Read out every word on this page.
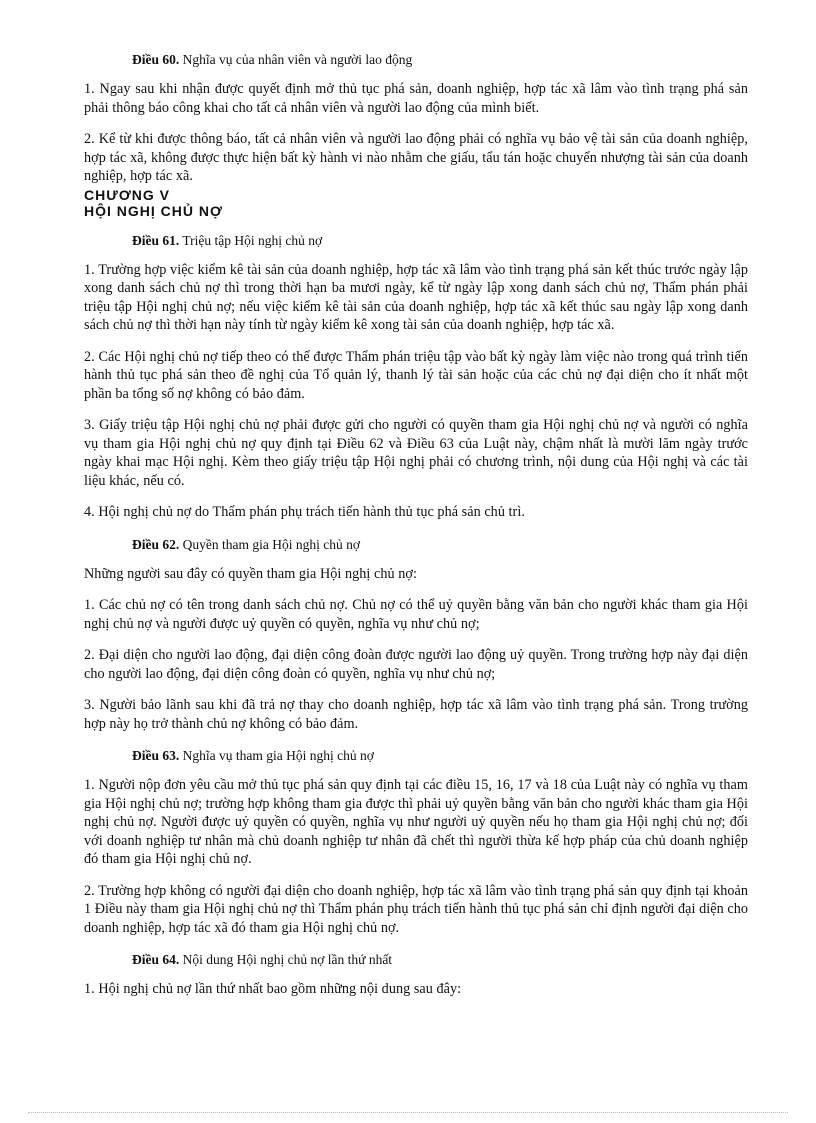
Điều 60. Nghĩa vụ của nhân viên và người lao động

1. Ngay sau khi nhận được quyết định mở thủ tục phá sản, doanh nghiệp, hợp tác xã lâm vào tình trạng phá sản phải thông báo công khai cho tất cả nhân viên và người lao động của mình biết.

2. Kể từ khi được thông báo, tất cả nhân viên và người lao động phải có nghĩa vụ bảo vệ tài sản của doanh nghiệp, hợp tác xã, không được thực hiện bất kỳ hành vi nào nhằm che giấu, tẩu tán hoặc chuyển nhượng tài sản của doanh nghiệp, hợp tác xã.

CHƯƠNG V
HỘI NGHỊ CHỦ NỢ
Điều 61. Triệu tập Hội nghị chủ nợ

1. Trường hợp việc kiểm kê tài sản của doanh nghiệp, hợp tác xã lâm vào tình trạng phá sản kết thúc trước ngày lập xong danh sách chủ nợ thì trong thời hạn ba mươi ngày, kể từ ngày lập xong danh sách chủ nợ, Thẩm phán phải triệu tập Hội nghị chủ nợ; nếu việc kiểm kê tài sản của doanh nghiệp, hợp tác xã kết thúc sau ngày lập xong danh sách chủ nợ thì thời hạn này tính từ ngày kiểm kê xong tài sản của doanh nghiệp, hợp tác xã.

2. Các Hội nghị chủ nợ tiếp theo có thể được Thẩm phán triệu tập vào bất kỳ ngày làm việc nào trong quá trình tiến hành thủ tục phá sản theo đề nghị của Tổ quản lý, thanh lý tài sản hoặc của các chủ nợ đại diện cho ít nhất một phần ba tổng số nợ không có bảo đảm.

3. Giấy triệu tập Hội nghị chủ nợ phải được gửi cho người có quyền tham gia Hội nghị chủ nợ và người có nghĩa vụ tham gia Hội nghị chủ nợ quy định tại Điều 62 và Điều 63 của Luật này, chậm nhất là mười lăm ngày trước ngày khai mạc Hội nghị. Kèm theo giấy triệu tập Hội nghị phải có chương trình, nội dung của Hội nghị và các tài liệu khác, nếu có.

4. Hội nghị chủ nợ do Thẩm phán phụ trách tiến hành thủ tục phá sản chủ trì.

Điều 62. Quyền tham gia Hội nghị chủ nợ

Những người sau đây có quyền tham gia Hội nghị chủ nợ:

1. Các chủ nợ có tên trong danh sách chủ nợ. Chủ nợ có thể uỷ quyền bằng văn bản cho người khác tham gia Hội nghị chủ nợ và người được uỷ quyền có quyền, nghĩa vụ như chủ nợ;

2. Đại diện cho người lao động, đại diện công đoàn được người lao động uỷ quyền. Trong trường hợp này đại diện cho người lao động, đại diện công đoàn có quyền, nghĩa vụ như chủ nợ;

3. Người bảo lãnh sau khi đã trả nợ thay cho doanh nghiệp, hợp tác xã lâm vào tình trạng phá sản. Trong trường hợp này họ trở thành chủ nợ không có bảo đảm.

Điều 63. Nghĩa vụ tham gia Hội nghị chủ nợ

1. Người nộp đơn yêu cầu mở thủ tục phá sản quy định tại các điều 15, 16, 17 và 18 của Luật này có nghĩa vụ tham gia Hội nghị chủ nợ; trường hợp không tham gia được thì phải uỷ quyền bằng văn bản cho người khác tham gia Hội nghị chủ nợ. Người được uỷ quyền có quyền, nghĩa vụ như người uỷ quyền nếu họ tham gia Hội nghị chủ nợ; đối với doanh nghiệp tư nhân mà chủ doanh nghiệp tư nhân đã chết thì người thừa kế hợp pháp của chủ doanh nghiệp đó tham gia Hội nghị chủ nợ.

2. Trường hợp không có người đại diện cho doanh nghiệp, hợp tác xã lâm vào tình trạng phá sản quy định tại khoản 1 Điều này tham gia Hội nghị chủ nợ thì Thẩm phán phụ trách tiến hành thủ tục phá sản chỉ định người đại diện cho doanh nghiệp, hợp tác xã đó tham gia Hội nghị chủ nợ.

Điều 64. Nội dung Hội nghị chủ nợ lần thứ nhất

1. Hội nghị chủ nợ lần thứ nhất bao gồm những nội dung sau đây:
